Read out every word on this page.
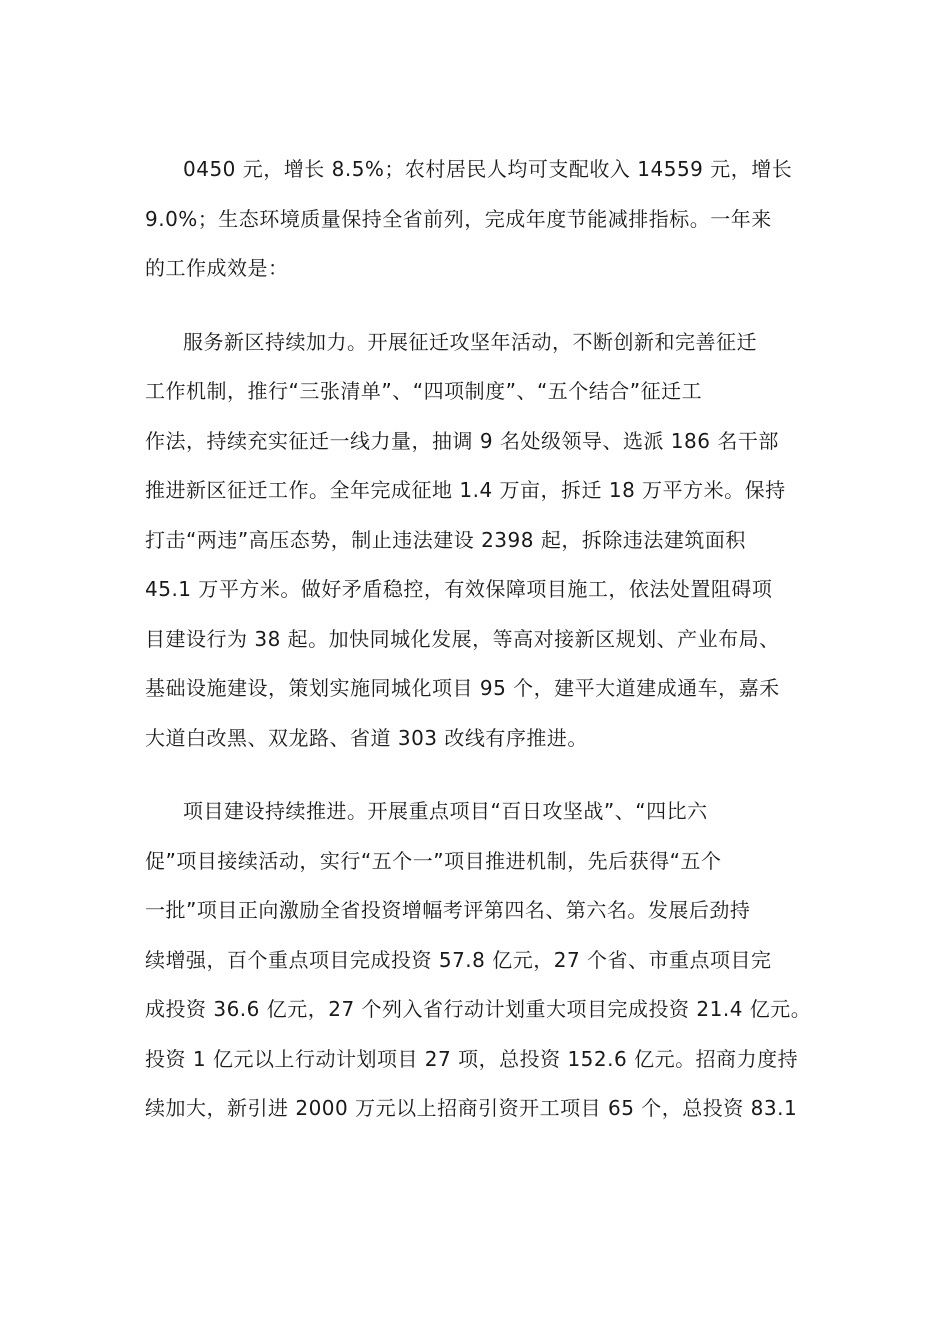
0450 元，增长 8.5%；农村居民人均可支配收入 14559 元，增长
9.0%；生态环境质量保持全省前列，完成年度节能减排指标。一年来
的工作成效是：

服务新区持续加力。开展征迁攻坚年活动，不断创新和完善征迁
工作机制，推行“三张清单”、“四项制度”、“五个结合”征迁工
作法，持续充实征迁一线力量，抽调 9 名处级领导、选派 186 名干部
推进新区征迁工作。全年完成征地 1.4 万亩，拆迁 18 万平方米。保持
打击“两违”高压态势，制止违法建设 2398 起，拆除违法建筑面积
45.1 万平方米。做好矛盾稳控，有效保障项目施工，依法处置阻碍项
目建设行为 38 起。加快同城化发展，等高对接新区规划、产业布局、
基础设施建设，策划实施同城化项目 95 个，建平大道建成通车，嘉禾
大道白改黑、双龙路、省道 303 改线有序推进。

项目建设持续推进。开展重点项目“百日攻坚战”、“四比六
促”项目接续活动，实行“五个一”项目推进机制，先后获得“五个
一批”项目正向激励全省投资增幅考评第四名、第六名。发展后劲持
续增强，百个重点项目完成投资 57.8 亿元，27 个省、市重点项目完
成投资 36.6 亿元，27 个列入省行动计划重大项目完成投资 21.4 亿元。
投资 1 亿元以上行动计划项目 27 项，总投资 152.6 亿元。招商力度持
续加大，新引进 2000 万元以上招商引资开工项目 65 个，总投资 83.1
